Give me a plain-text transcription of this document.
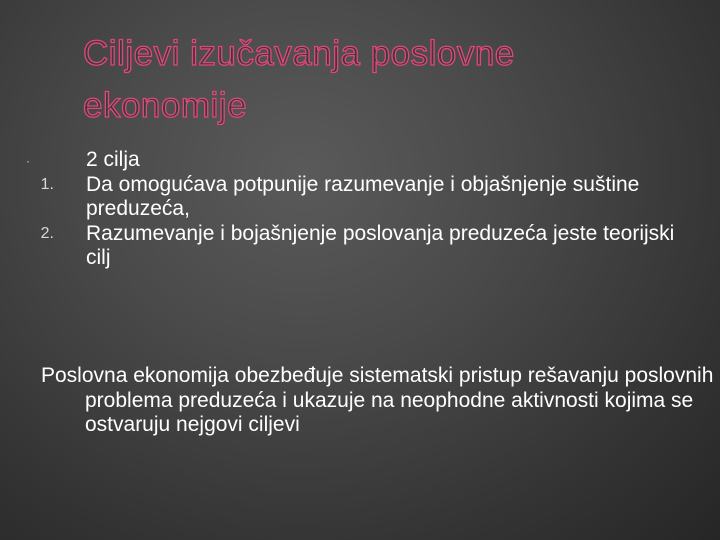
Ciljevi izučavanja poslovne ekonomije
·	2 cilja
1. Da omogućava potpunije razumevanje i objašnjenje suštine preduzeća,
2. Razumevanje i bojašnjenje poslovanja preduzeća jeste teorijski cilj
Poslovna ekonomija obezbeđuje sistematski pristup rešavanju poslovnih problema preduzeća i ukazuje na neophodne aktivnosti kojima se ostvaruju nejgovi ciljevi
